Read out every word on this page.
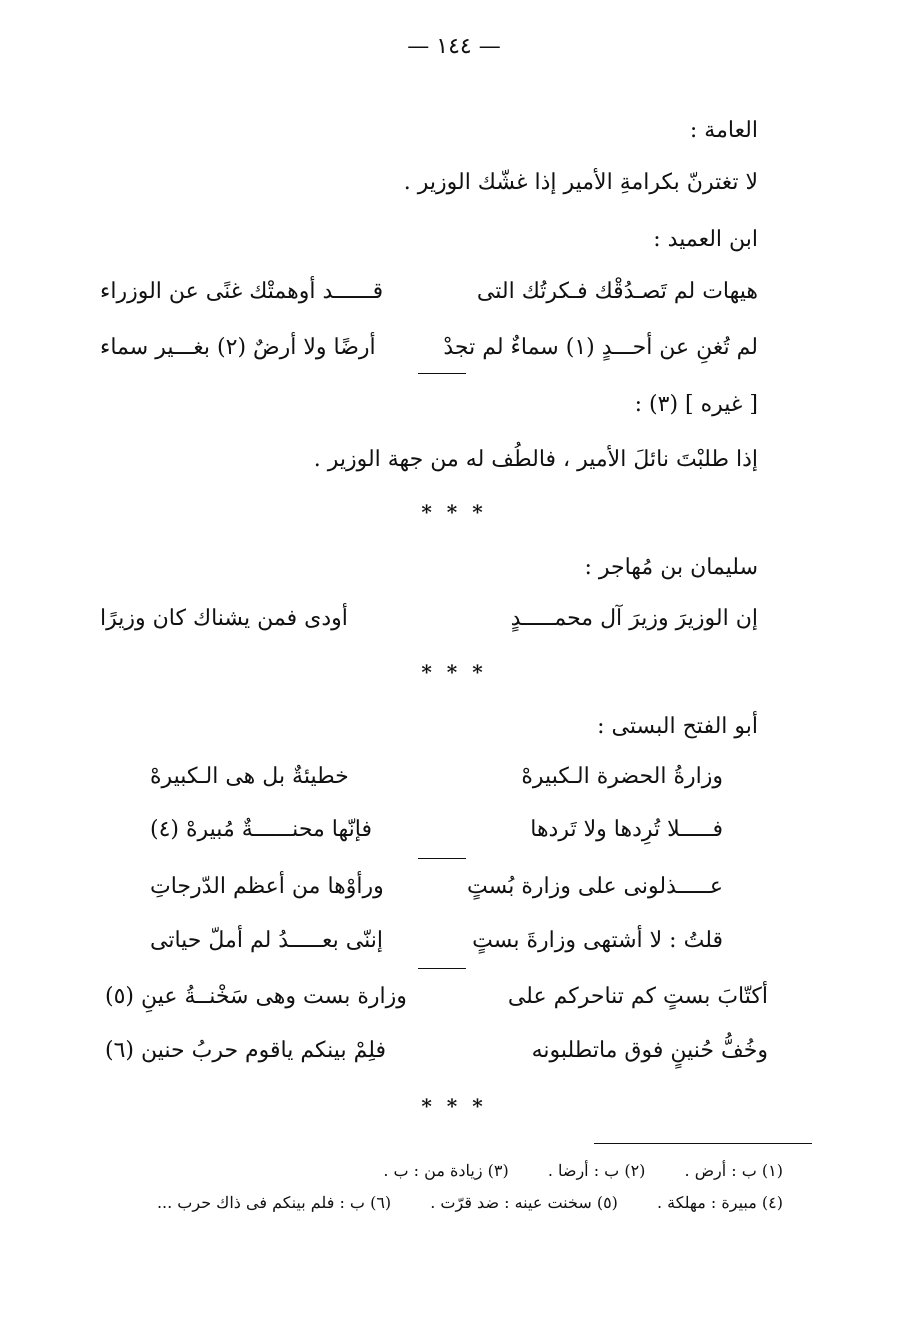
— ١٤٤ —
العامة :
لا تغترنّ بكرامةِ الأمير إذا غشّك الوزير .
ابن العميد :
هيهات لم تَصـدُقْك فـكرتُك التى
قــــــد أوهمتْك غنًى عن الوزراء
لم تُغنِ عن أحـــدٍ (١) سماءٌ لم تجدْ
أرضًا ولا أرضٌ (٢) بغـــير سماء
[ غيره ] (٣) :
إذا طلبْتَ نائلَ الأمير ، فالطُف له من جهة الوزير .
* * *
سليمان بن مُهاجر :
إن الوزيرَ وزيرَ آل محمـــــدٍ
أودى فمن يشناك كان وزيرًا
* * *
أبو الفتح البستى :
وزارةُ الحضرة الـكبيرهْ
خطيئةٌ بل هى الـكبيرهْ
فـــــلا تُرِدها ولا تَردها
فإنّها محنــــــةٌ مُبيرهْ (٤)
عـــــذلونى على وزارة بُستٍ
ورأوْها من أعظم الدّرجاتِ
قلتُ : لا أشتهى وزارةَ بستٍ
إننّى بعـــــدُ لم أملّ حياتى
أكتّابَ بستٍ كم تناحركم على
وزارة بست وهى سَخْنــةُ عينِ (٥)
وخُفُّ حُنينٍ فوق ماتطلبونه
فلِمْ بينكم ياقوم حربُ حنين (٦)
* * *
(١) ب : أرض . (٢) ب : أرضا . (٣) زيادة من : ب .
(٤) مبيرة : مهلكة . (٥) سخنت عينه : ضد قرّت . (٦) ب : فلم بينكم فى ذاك حرب ...
